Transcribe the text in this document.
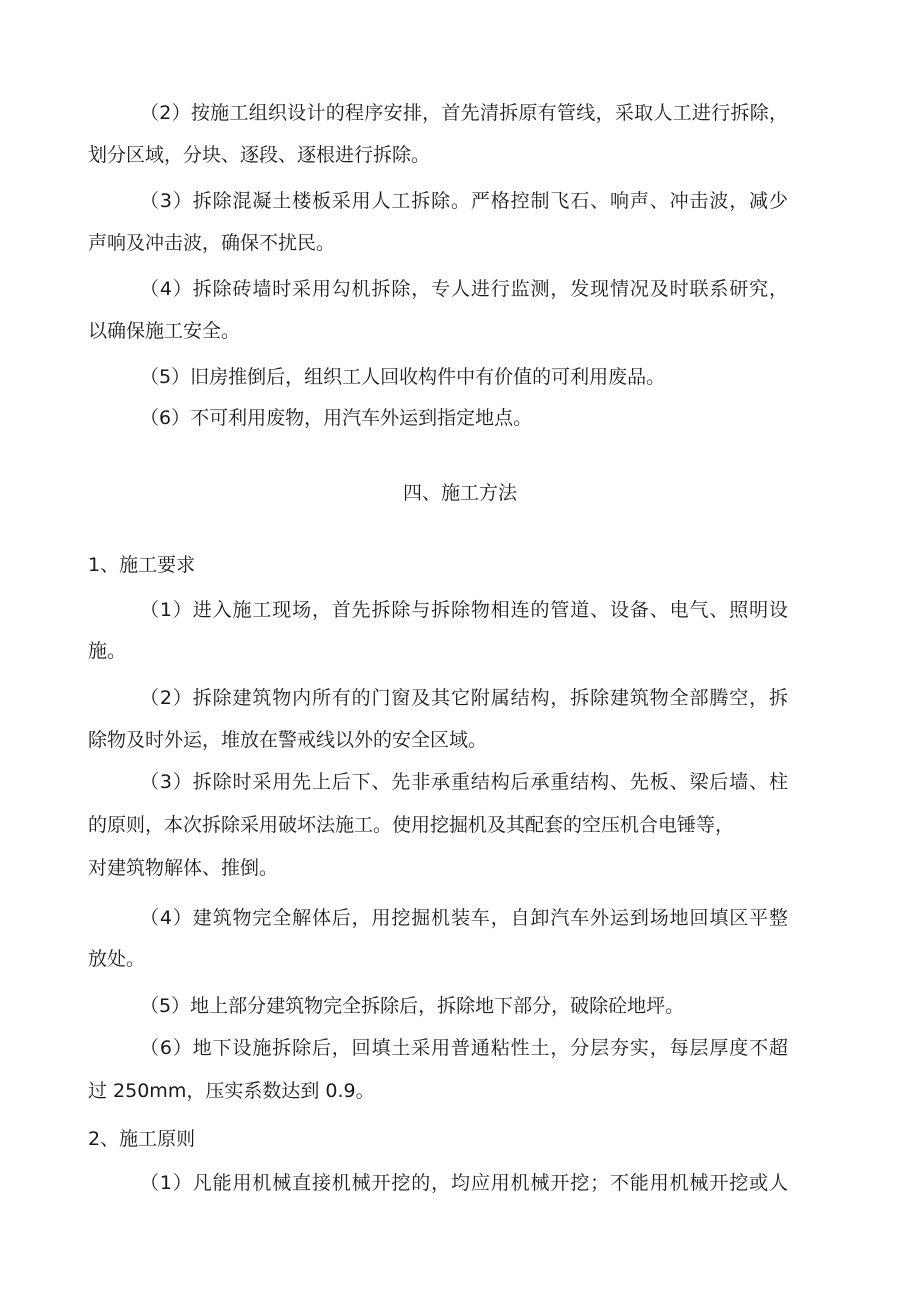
（2）按施工组织设计的程序安排，首先清拆原有管线，采取人工进行拆除，
划分区域，分块、逐段、逐根进行拆除。
（3）拆除混凝土楼板采用人工拆除。严格控制飞石、响声、冲击波，减少
声响及冲击波，确保不扰民。
（4）拆除砖墙时采用勾机拆除，专人进行监测，发现情况及时联系研究，
以确保施工安全。
（5）旧房推倒后，组织工人回收构件中有价值的可利用废品。
（6）不可利用废物，用汽车外运到指定地点。
四、施工方法
1、施工要求
（1）进入施工现场，首先拆除与拆除物相连的管道、设备、电气、照明设
施。
（2）拆除建筑物内所有的门窗及其它附属结构，拆除建筑物全部腾空，拆
除物及时外运，堆放在警戒线以外的安全区域。
（3）拆除时采用先上后下、先非承重结构后承重结构、先板、梁后墙、柱
的原则，本次拆除采用破坏法施工。使用挖掘机及其配套的空压机合电锤等，
对建筑物解体、推倒。
（4）建筑物完全解体后，用挖掘机装车，自卸汽车外运到场地回填区平整
放处。
（5）地上部分建筑物完全拆除后，拆除地下部分，破除砼地坪。
（6）地下设施拆除后，回填土采用普通粘性土，分层夯实，每层厚度不超
过 250mm，压实系数达到 0.9。
2、施工原则
（1）凡能用机械直接机械开挖的，均应用机械开挖；不能用机械开挖或人
